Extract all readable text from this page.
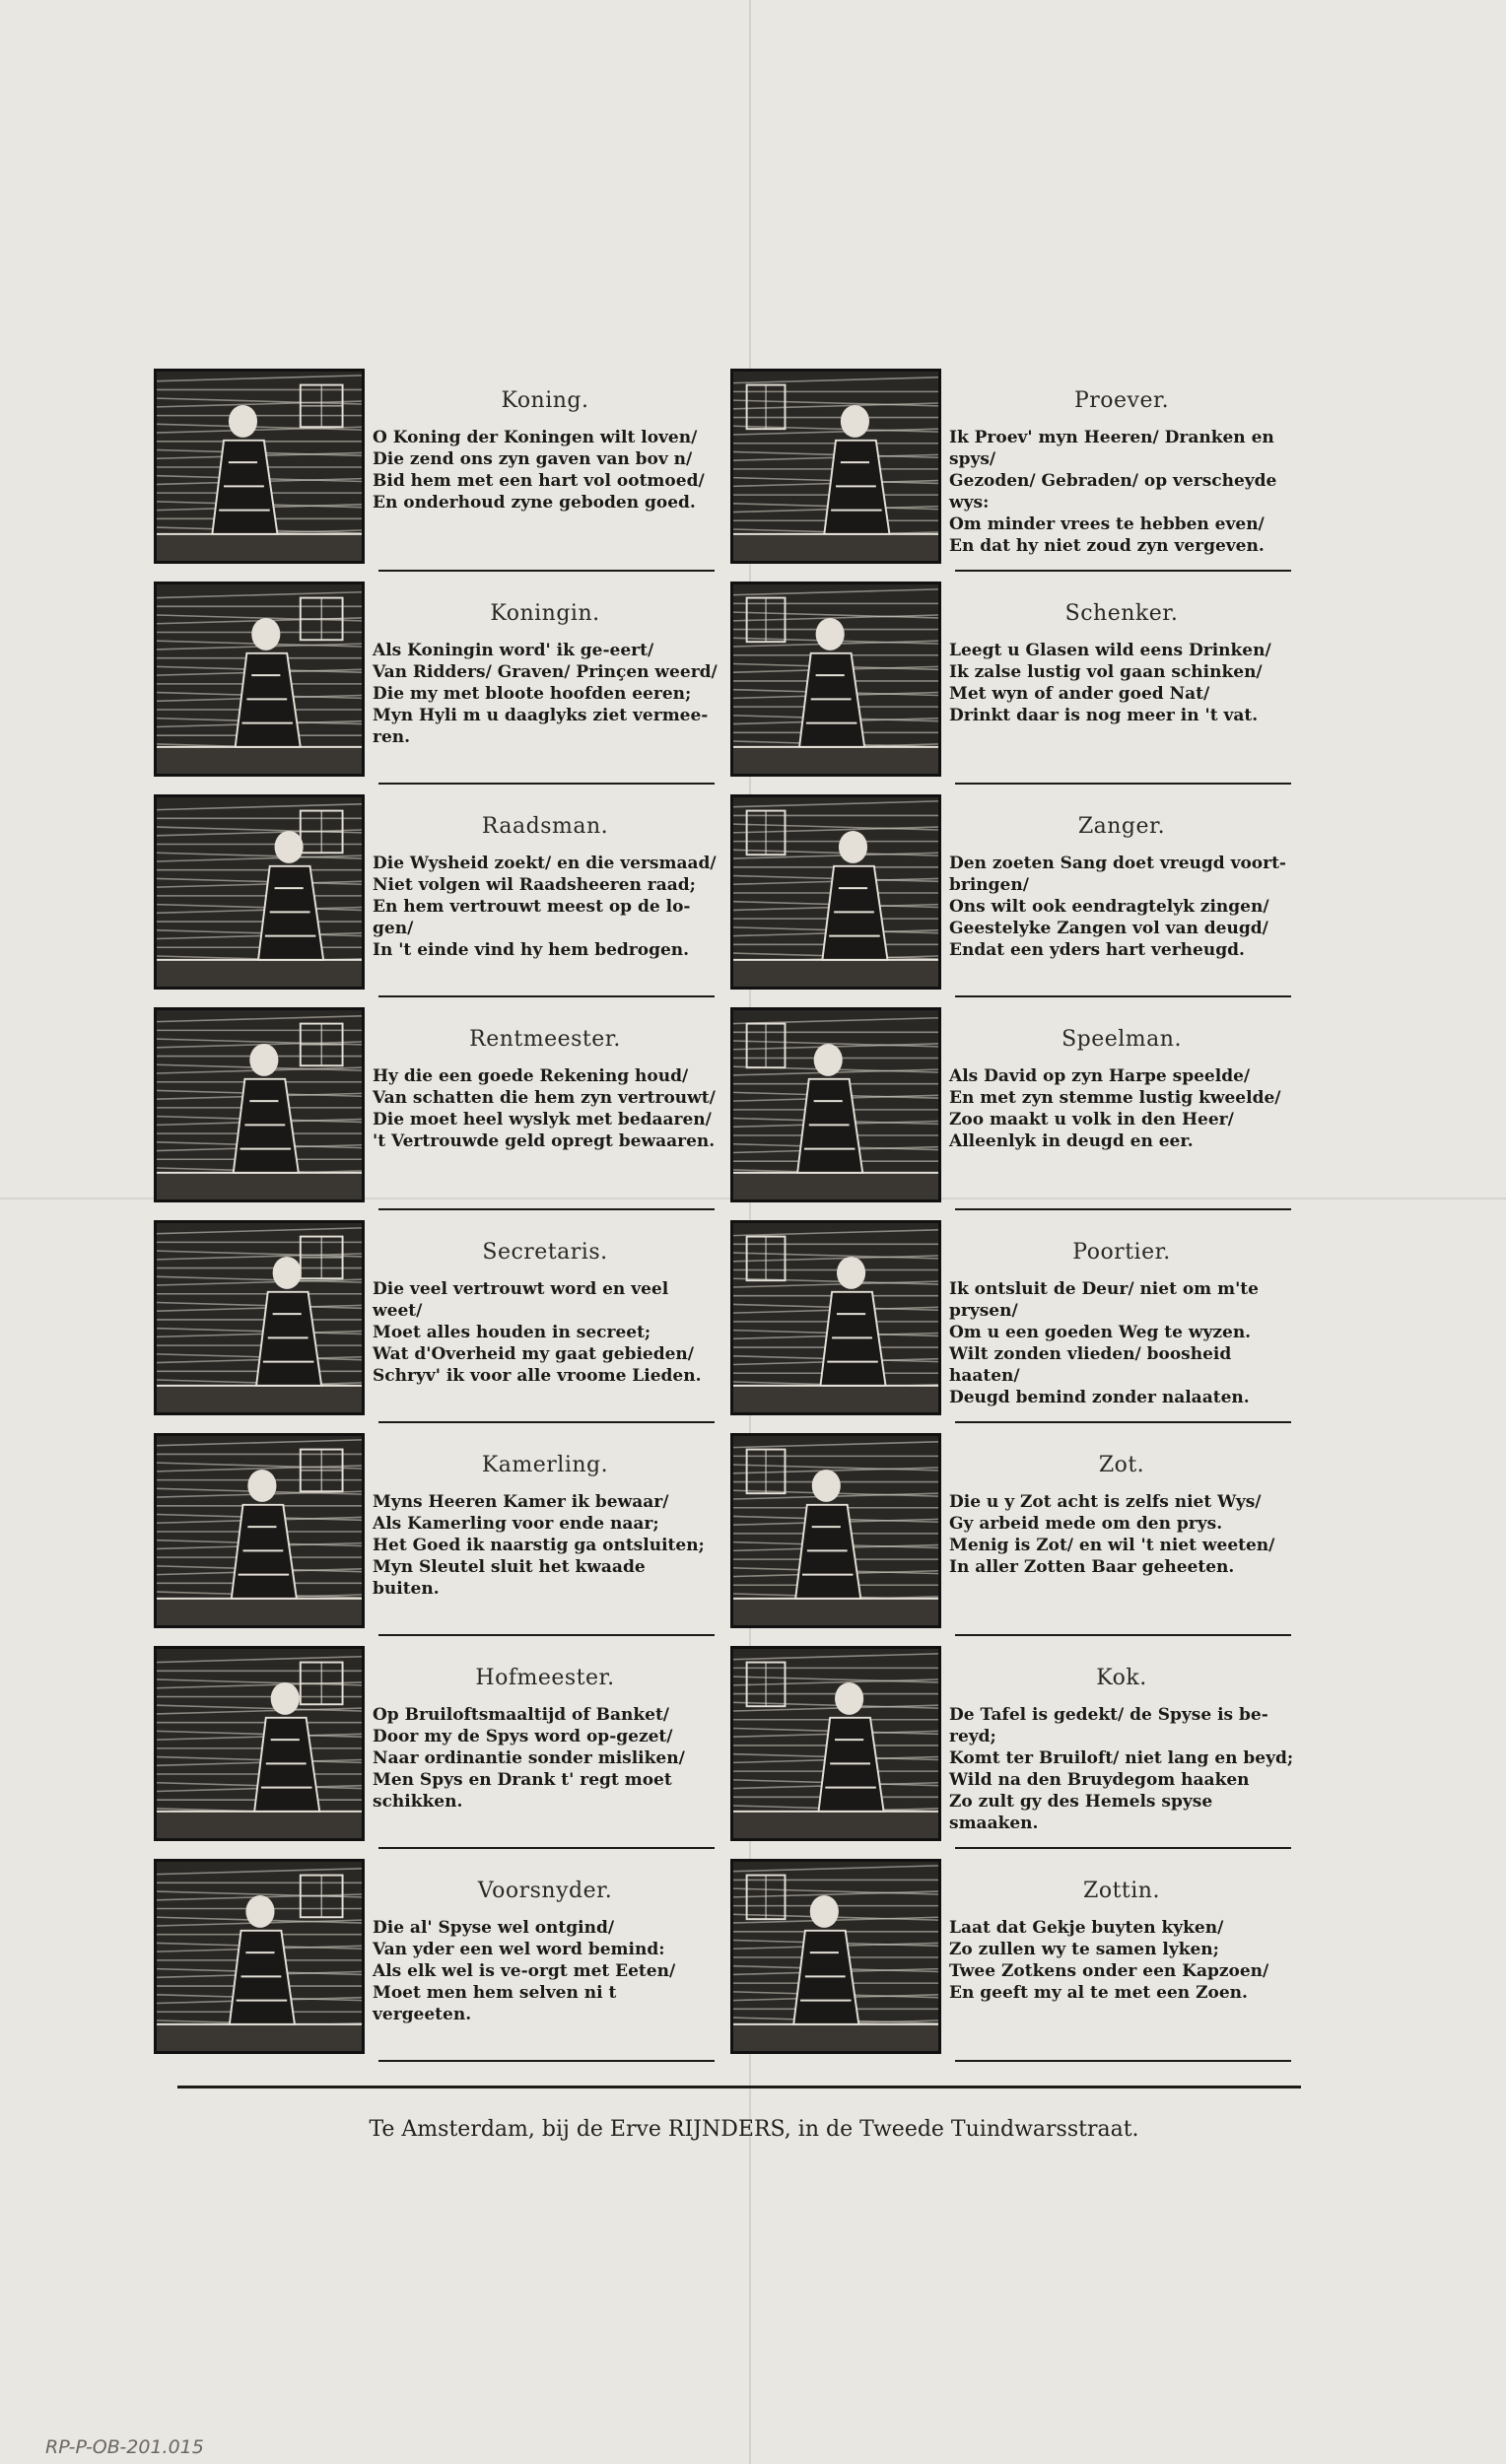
Koning.

O Koning der Koningen wilt loven/
Die zend ons zyn gaven van bov n/
Bid hem met een hart vol ootmoed/
En onderhoud zyne geboden goed.

Proever.

Ik Proev' myn Heeren/ Dranken en
spys/
Gezoden/ Gebraden/ op verscheyde
wys:
Om minder vrees te hebben even/
En dat hy niet zoud zyn vergeven.

Koningin.

Als Koningin word' ik ge-eert/
Van Ridders/ Graven/ Prinçen weerd/
Die my met bloote hoofden eeren;
Myn Hyli m u daaglyks ziet vermee-
ren.

Schenker.

Leegt u Glasen wild eens Drinken/
Ik zalse lustig vol gaan schinken/
Met wyn of ander goed Nat/
Drinkt daar is nog meer in 't vat.

Raadsman.

Die Wysheid zoekt/ en die versmaad/
Niet volgen wil Raadsheeren raad;
En hem vertrouwt meest op de lo-
gen/
In 't einde vind hy hem bedrogen.

Zanger.

Den zoeten Sang doet vreugd voort-
bringen/
Ons wilt ook eendragtelyk zingen/
Geestelyke Zangen vol van deugd/
Endat een yders hart verheugd.

Rentmeester.

Hy die een goede Rekening houd/
Van schatten die hem zyn vertrouwt/
Die moet heel wyslyk met bedaaren/
't Vertrouwde geld opregt bewaaren.

Speelman.

Als David op zyn Harpe speelde/
En met zyn stemme lustig kweelde/
Zoo maakt u volk in den Heer/
Alleenlyk in deugd en eer.

Secretaris.

Die veel vertrouwt word en veel weet/
Moet alles houden in secreet;
Wat d'Overheid my gaat gebieden/
Schryv' ik voor alle vroome Lieden.

Poortier.

Ik ontsluit de Deur/ niet om m'te
prysen/
Om u een goeden Weg te wyzen.
Wilt zonden vlieden/ boosheid haaten/
Deugd bemind zonder nalaaten.

Kamerling.

Myns Heeren Kamer ik bewaar/
Als Kamerling voor ende naar;
Het Goed ik naarstig ga ontsluiten;
Myn Sleutel sluit het kwaade buiten.

Zot.

Die u y Zot acht is zelfs niet Wys/
Gy arbeid mede om den prys.
Menig is Zot/ en wil 't niet weeten/
In aller Zotten Baar geheeten.

Hofmeester.

Op Bruiloftsmaaltijd of Banket/
Door my de Spys word op-gezet/
Naar ordinantie sonder misliken/
Men Spys en Drank t' regt moet
schikken.

Kok.

De Tafel is gedekt/ de Spyse is be-
reyd;
Komt ter Bruiloft/ niet lang en beyd;
Wild na den Bruydegom haaken
Zo zult gy des Hemels spyse smaaken.

Voorsnyder.

Die al' Spyse wel ontgind/
Van yder een wel word bemind:
Als elk wel is ve-orgt met Eeten/
Moet men hem selven ni t vergeeten.

Zottin.

Laat dat Gekje buyten kyken/
Zo zullen wy te samen lyken;
Twee Zotkens onder een Kapzoen/
En geeft my al te met een Zoen.

Te Amsterdam, bij de Erve RIJNDERS, in de Tweede Tuindwarsstraat.
RP-P-OB-201.015
